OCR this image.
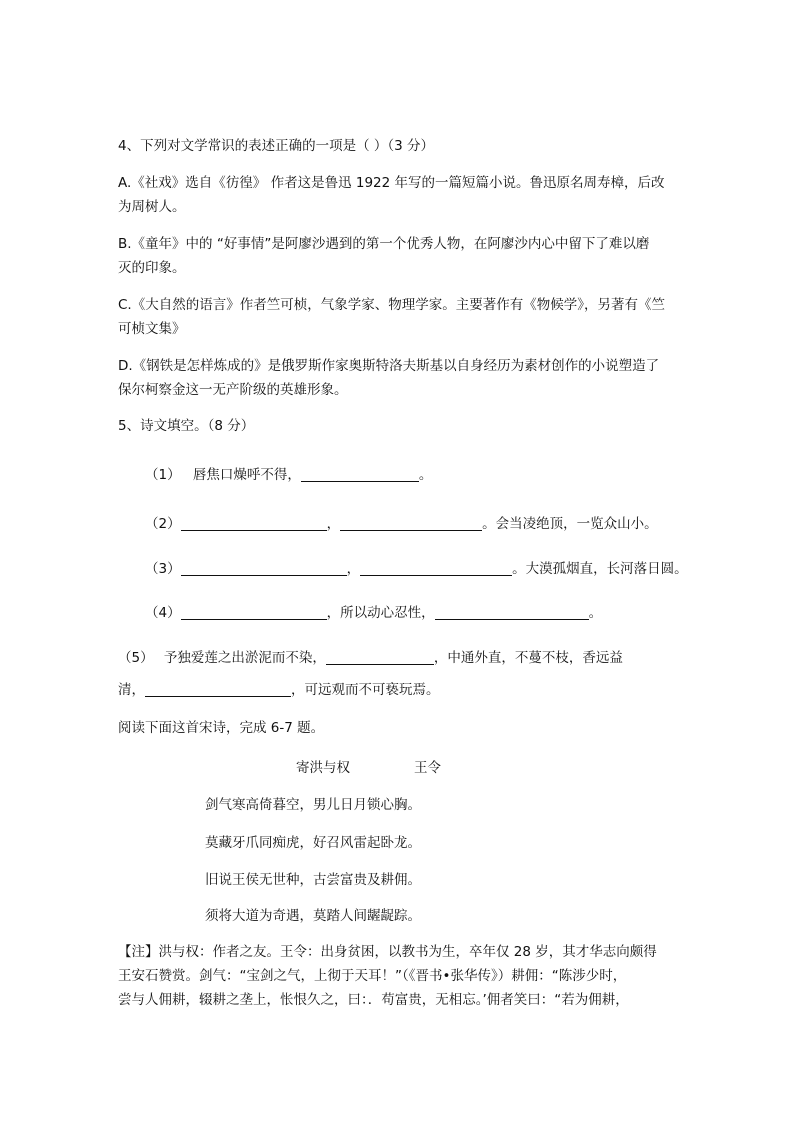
4、下列对文学常识的表述正确的一项是（ ）（3 分）
A.《社戏》选自《彷徨》 作者这是鲁迅 1922 年写的一篇短篇小说。鲁迅原名周寿樟，后改
为周树人。
B.《童年》中的 “好事情”是阿廖沙遇到的第一个优秀人物，在阿廖沙内心中留下了难以磨
灭的印象。
C.《大自然的语言》作者竺可桢，气象学家、物理学家。主要著作有《物候学》，另著有《竺
可桢文集》
D.《钢铁是怎样炼成的》是俄罗斯作家奥斯特洛夫斯基以自身经历为素材创作的小说塑造了
保尔柯察金这一无产阶级的英雄形象。
5、诗文填空。（8 分）
（1） 唇焦口燥呼不得，	。
（2）	，	。会当凌绝顶，一览众山小。
（3）	，	。大漠孤烟直，长河落日圆。
（4）	，所以动心忍性，	。
（5） 予独爱莲之出淤泥而不染，	，中通外直，不蔓不枝，香远益
清，	，可远观而不可亵玩焉。
阅读下面这首宋诗，完成 6-7 题。
寄洪与权	王令
剑气寒高倚暮空，男儿日月锁心胸。
莫藏牙爪同痴虎，好召风雷起卧龙。
旧说王侯无世种，古尝富贵及耕佣。
须将大道为奇遇，莫踏人间龌龊踪。
【注】洪与权：作者之友。王令：出身贫困，以教书为生，卒年仅 28 岁，其才华志向颇得
王安石赞赏。剑气：“宝剑之气，上彻于天耳！”（《晋书•张华传》）耕佣：“陈涉少时，
尝与人佣耕，辍耕之垄上，怅恨久之，曰：．苟富贵，无相忘。’佣者笑曰：“若为佣耕，
